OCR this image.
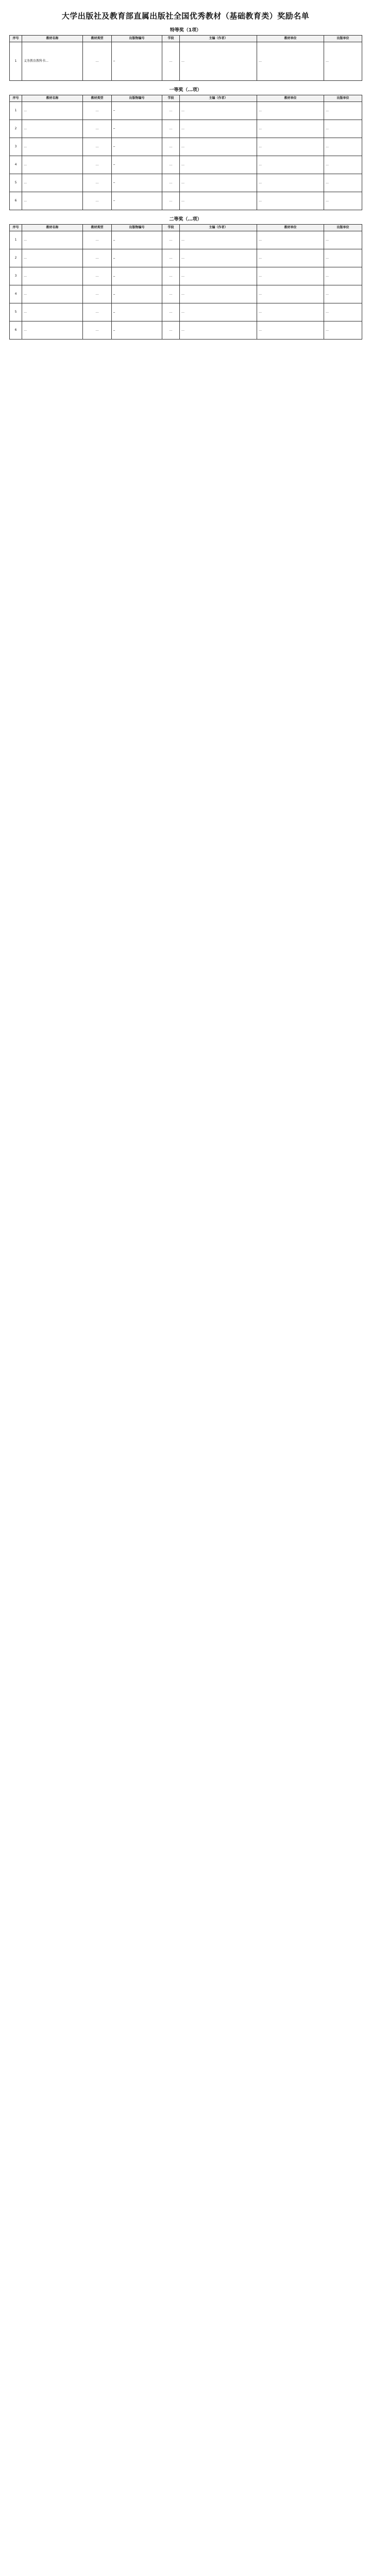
大学出版社及教育部直属出版社全国优秀教材（基础教育类）奖励名单
特等奖（1项）
序号	教材名称	教材类型	出版物编号	学段	主编（作者）	教材单位	出版单位
1	义务教育教科书…	…	…	…	…	…	…
一等奖（…项）
序号	教材名称	教材类型	出版物编号	学段	主编（作者）	教材单位	出版单位
1	…	…	…	…	…	…	…
2	…	…	…	…	…	…	…
3	…	…	…	…	…	…	…
4	…	…	…	…	…	…	…
5	…	…	…	…	…	…	…
6	…	…	…	…	…	…	…
二等奖（…项）
序号	教材名称	教材类型	出版物编号	学段	主编（作者）	教材单位	出版单位
1	…	…	…	…	…	…	…
2	…	…	…	…	…	…	…
3	…	…	…	…	…	…	…
4	…	…	…	…	…	…	…
5	…	…	…	…	…	…	…
6	…	…	…	…	…	…	…
